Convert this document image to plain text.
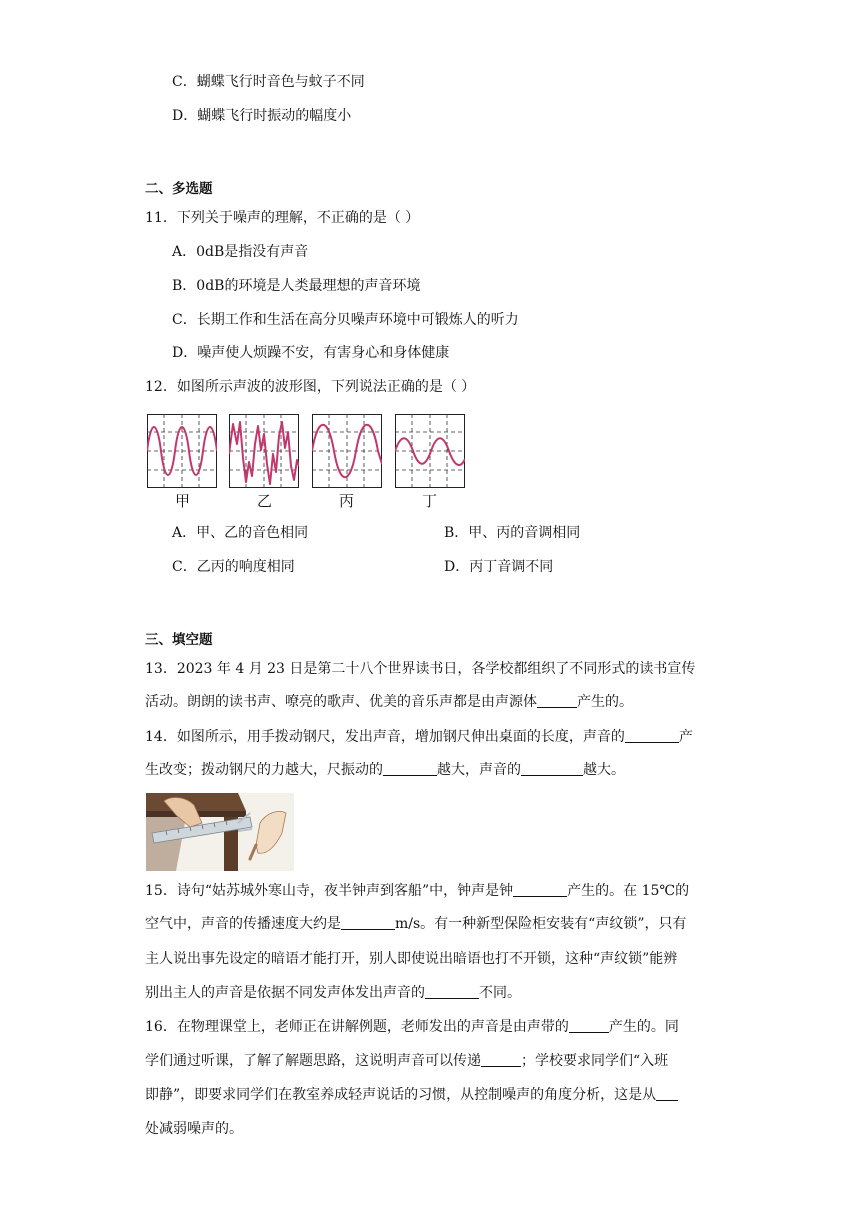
C．蝴蝶飞行时音色与蚊子不同
D．蝴蝶飞行时振动的幅度小
二、多选题
11．下列关于噪声的理解，不正确的是（ ）
A．0dB是指没有声音
B．0dB的环境是人类最理想的声音环境
C．长期工作和生活在高分贝噪声环境中可锻炼人的听力
D．噪声使人烦躁不安，有害身心和身体健康
12．如图所示声波的波形图，下列说法正确的是（ ）
甲	乙	丙	丁
A．甲、乙的音色相同	B．甲、丙的音调相同
C．乙丙的响度相同	D．丙丁音调不同
三、填空题
13．2023 年 4 月 23 日是第二十八个世界读书日，各学校都组织了不同形式的读书宣传
活动。朗朗的读书声、嘹亮的歌声、优美的音乐声都是由声源体	产生的。
14．如图所示，用手拨动钢尺，发出声音，增加钢尺伸出桌面的长度，声音的	产
生改变；拨动钢尺的力越大，尺振动的	越大，声音的	越大。
15．诗句“姑苏城外寒山寺，夜半钟声到客船”中，钟声是钟	产生的。在 15℃的
空气中，声音的传播速度大约是	m/s。有一种新型保险柜安装有“声纹锁”，只有
主人说出事先设定的暗语才能打开，别人即使说出暗语也打不开锁，这种“声纹锁”能辨
别出主人的声音是依据不同发声体发出声音的	不同。
16．在物理课堂上，老师正在讲解例题，老师发出的声音是由声带的	产生的。同
学们通过听课，了解了解题思路，这说明声音可以传递	；学校要求同学们“入班
即静”，即要求同学们在教室养成轻声说话的习惯，从控制噪声的角度分析，这是从
处减弱噪声的。
